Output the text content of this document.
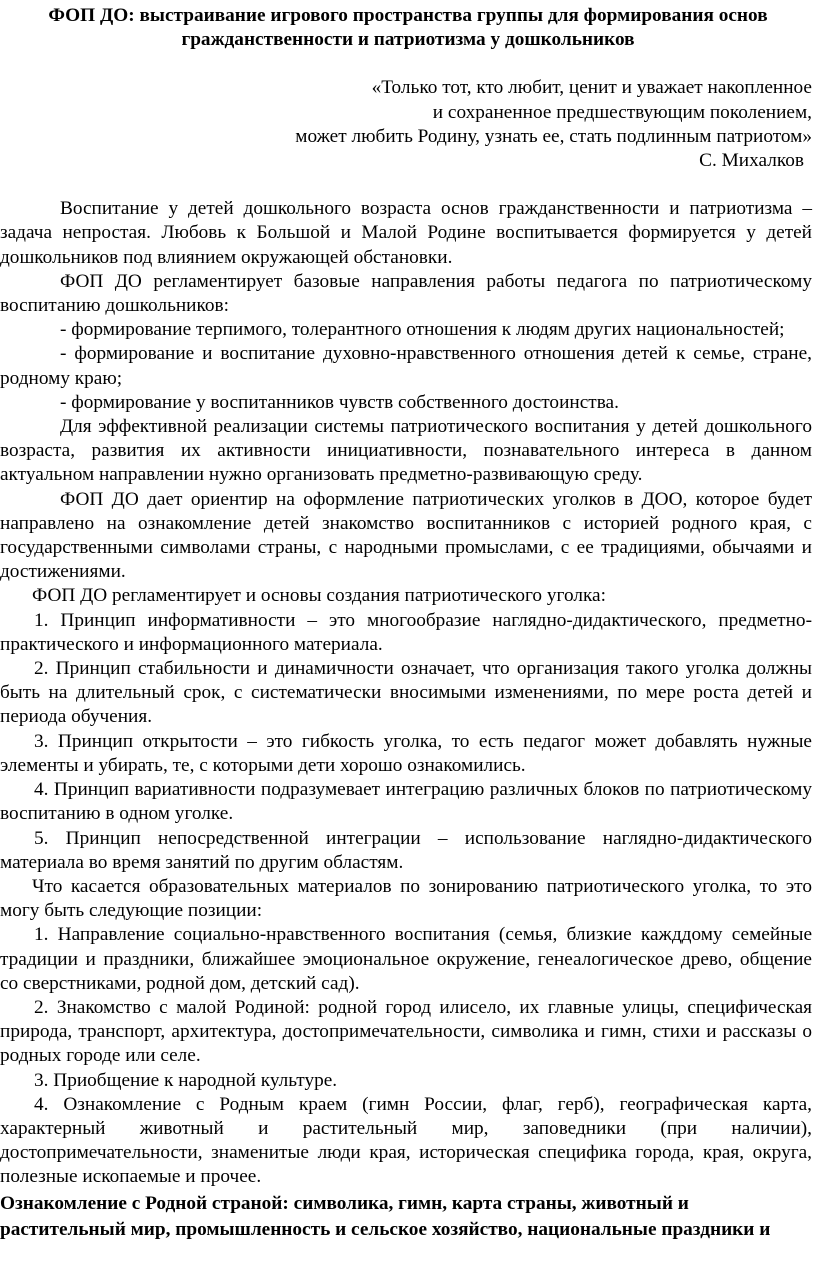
ФОП ДО: выстраивание игрового пространства группы для формирования основ гражданственности и патриотизма у дошкольников
«Только тот, кто любит, ценит и уважает накопленное
и сохраненное предшествующим поколением,
может любить Родину, узнать ее, стать подлинным патриотом»
С. Михалков

Воспитание у детей дошкольного возраста основ гражданственности и патриотизма – задача непростая. Любовь к Большой и Малой Родине воспитывается формируется у детей дошкольников под влиянием окружающей обстановки.

ФОП ДО регламентирует базовые направления работы педагога по патриотическому воспитанию дошкольников:

- формирование терпимого, толерантного отношения к людям других национальностей;

- формирование и воспитание духовно-нравственного отношения детей к семье, стране, родному краю;

- формирование у воспитанников чувств собственного достоинства.

Для эффективной реализации системы патриотического воспитания у детей дошкольного возраста, развития их активности инициативности, познавательного интереса в данном актуальном направлении нужно организовать предметно-развивающую среду.

ФОП ДО дает ориентир на оформление патриотических уголков в ДОО, которое будет направлено на ознакомление детей знакомство воспитанников с историей родного края, с государственными символами страны, с народными промыслами, с ее традициями, обычаями и достижениями.

ФОП ДО регламентирует и основы создания патриотического уголка:

1. Принцип информативности – это многообразие наглядно-дидактического, предметно-практического и информационного материала.

2. Принцип стабильности и динамичности означает, что организация такого уголка должны быть на длительный срок, с систематически вносимыми изменениями, по мере роста детей и периода обучения.

3. Принцип открытости – это гибкость уголка, то есть педагог может добавлять нужные элементы и убирать, те, с которыми дети хорошо ознакомились.

4. Принцип вариативности подразумевает интеграцию различных блоков по патриотическому воспитанию в одном уголке.

5. Принцип непосредственной интеграции – использование наглядно-дидактического материала во время занятий по другим областям.

Что касается образовательных материалов по зонированию патриотического уголка, то это могу быть следующие позиции:

1. Направление социально-нравственного воспитания (семья, близкие кажддому семейные традиции и праздники, ближайшее эмоциональное окружение, генеалогическое древо, общение со сверстниками, родной дом, детский сад).

2. Знакомство с малой Родиной: родной город илисело, их главные улицы, специфическая природа, транспорт, архитектура, достопримечательности, символика и гимн, стихи и рассказы о родных городе или селе.

3. Приобщение к народной культуре.

4. Ознакомление с Родным краем (гимн России, флаг, герб), географическая карта, характерный животный и растительный мир, заповедники (при наличии), достопримечательности, знаменитые люди края, историческая специфика города, края, округа, полезные ископаемые и прочее.

Ознакомление с Родной страной: символика, гимн, карта страны, животный и
растительный мир, промышленность и сельское хозяйство, национальные праздники и
